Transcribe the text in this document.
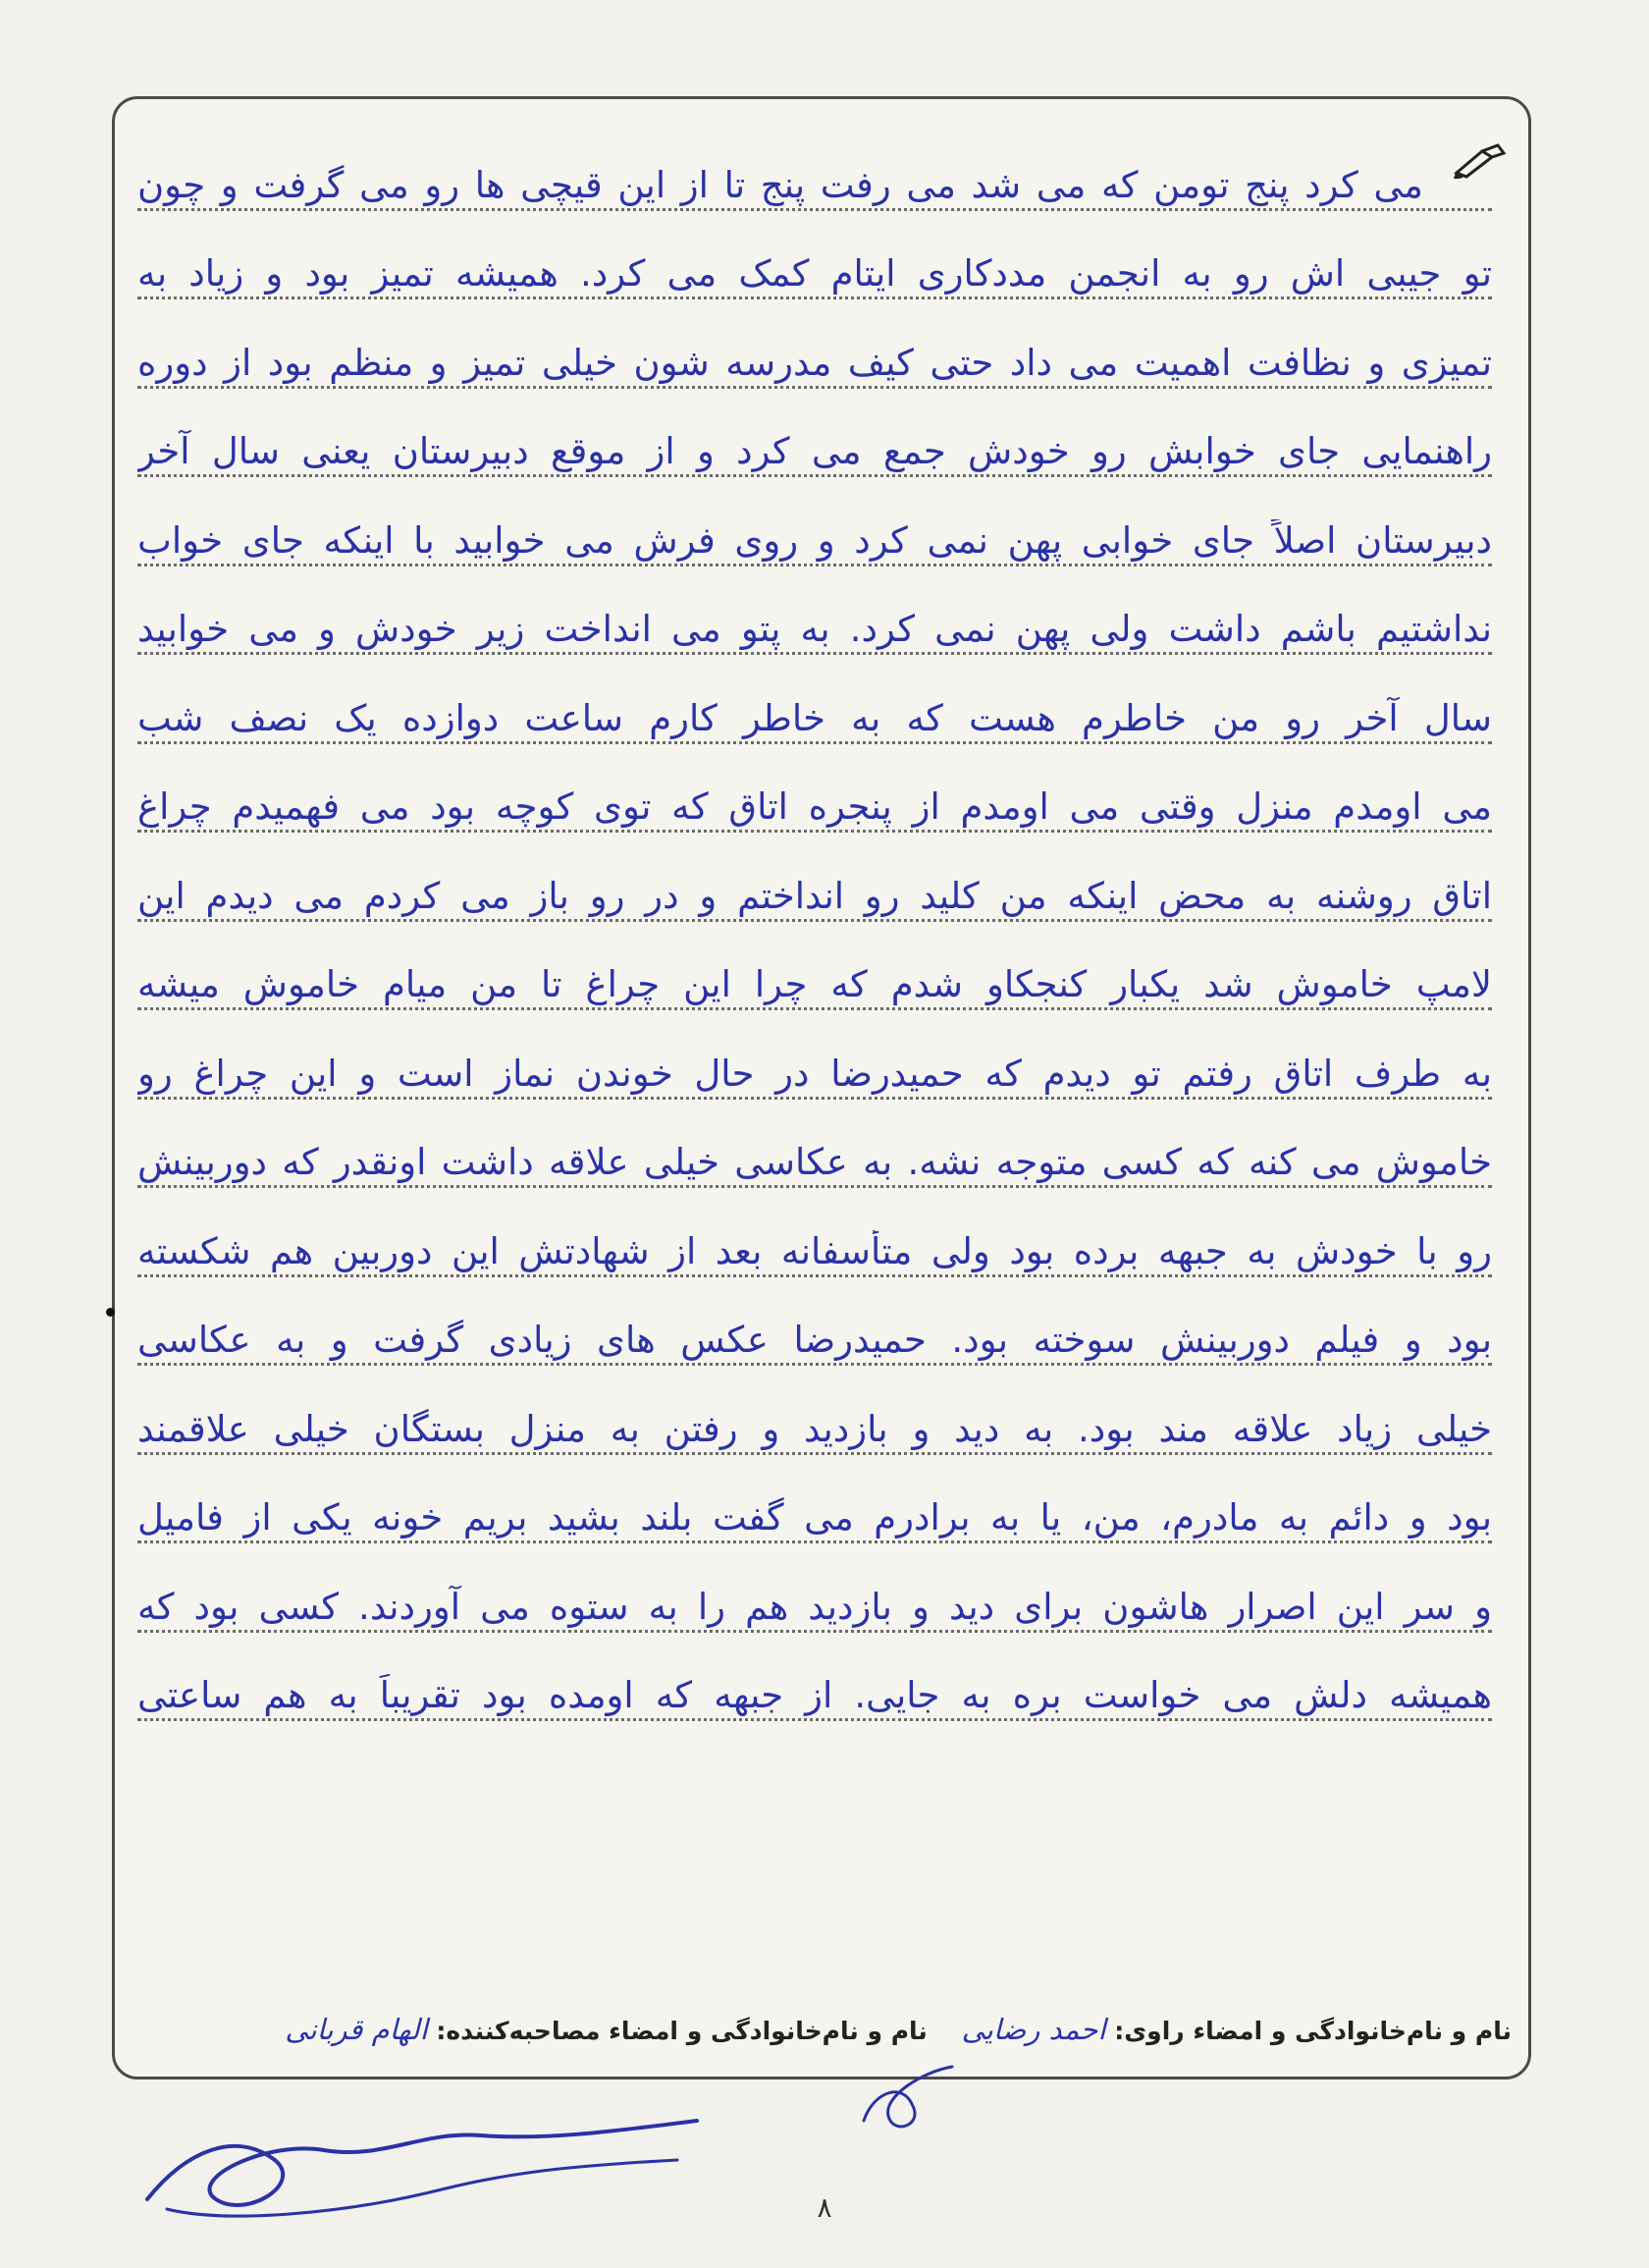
می کرد پنج تومن که می شد می رفت پنج تا از این قیچی ها رو می گرفت و چون
تو جیبی اش رو به انجمن مددکاری ایتام کمک می کرد. همیشه تمیز بود و زیاد به
تمیزی و نظافت اهمیت می داد حتی کیف مدرسه شون خیلی تمیز و منظم بود از دوره
راهنمایی جای خوابش رو خودش جمع می کرد و از موقع دبیرستان یعنی سال آخر
دبیرستان اصلاً جای خوابی پهن نمی کرد و روی فرش می خوابید با اینکه جای خواب
نداشتیم باشم داشت ولی پهن نمی کرد. به پتو می انداخت زیر خودش و می خوابید
سال آخر رو من خاطرم هست که به خاطر کارم ساعت دوازده یک نصف شب
می اومدم منزل وقتی می اومدم از پنجره اتاق که توی کوچه بود می فهمیدم چراغ
اتاق روشنه به محض اینکه من کلید رو انداختم و در رو باز می کردم می دیدم این
لامپ خاموش شد یکبار کنجکاو شدم که چرا این چراغ تا من میام خاموش میشه
به طرف اتاق رفتم تو دیدم که حمیدرضا در حال خوندن نماز است و این چراغ رو
خاموش می کنه که کسی متوجه نشه. به عکاسی خیلی علاقه داشت اونقدر که دوربینش
رو با خودش به جبهه برده بود ولی متأسفانه بعد از شهادتش این دوربین هم شکسته
بود و فیلم دوربینش سوخته بود. حمیدرضا عکس های زیادی گرفت و به عکاسی
خیلی زیاد علاقه مند بود. به دید و بازدید و رفتن به منزل بستگان خیلی علاقمند
بود و دائم به مادرم، من، یا به برادرم می گفت بلند بشید بریم خونه یکی از فامیل
و سر این اصرار هاشون برای دید و بازدید هم را به ستوه می آوردند. کسی بود که
همیشه دلش می خواست بره به جایی. از جبهه که اومده بود تقریباً به هم ساعتی
نام و نام‌خانوادگی و امضاء راوی: احمد رضایی    نام و نام‌خانوادگی و امضاء مصاحبه‌کننده: الهام قربانی
۸
